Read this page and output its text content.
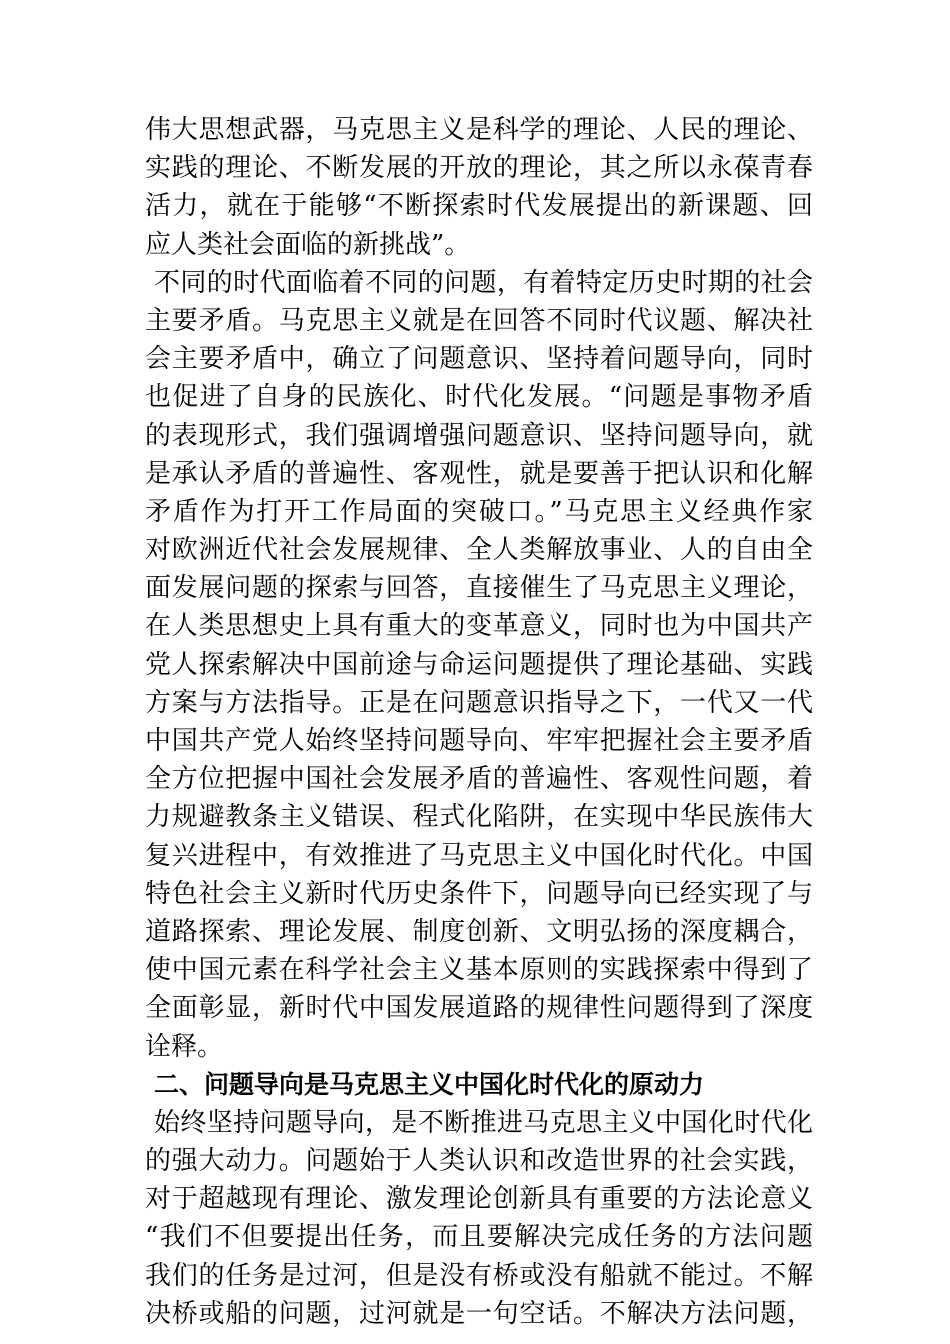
伟大思想武器，马克思主义是科学的理论、人民的理论、
实践的理论、不断发展的开放的理论，其之所以永葆青春
活力，就在于能够“不断探索时代发展提出的新课题、回
应人类社会面临的新挑战”。
不同的时代面临着不同的问题，有着特定历史时期的社会
主要矛盾。马克思主义就是在回答不同时代议题、解决社
会主要矛盾中，确立了问题意识、坚持着问题导向，同时
也促进了自身的民族化、时代化发展。“问题是事物矛盾
的表现形式，我们强调增强问题意识、坚持问题导向，就
是承认矛盾的普遍性、客观性，就是要善于把认识和化解
矛盾作为打开工作局面的突破口。”马克思主义经典作家
对欧洲近代社会发展规律、全人类解放事业、人的自由全
面发展问题的探索与回答，直接催生了马克思主义理论，
在人类思想史上具有重大的变革意义，同时也为中国共产
党人探索解决中国前途与命运问题提供了理论基础、实践
方案与方法指导。正是在问题意识指导之下，一代又一代
中国共产党人始终坚持问题导向、牢牢把握社会主要矛盾
全方位把握中国社会发展矛盾的普遍性、客观性问题，着
力规避教条主义错误、程式化陷阱，在实现中华民族伟大
复兴进程中，有效推进了马克思主义中国化时代化。中国
特色社会主义新时代历史条件下，问题导向已经实现了与
道路探索、理论发展、制度创新、文明弘扬的深度耦合，
使中国元素在科学社会主义基本原则的实践探索中得到了
全面彰显，新时代中国发展道路的规律性问题得到了深度
诠释。
二、问题导向是马克思主义中国化时代化的原动力
始终坚持问题导向，是不断推进马克思主义中国化时代化
的强大动力。问题始于人类认识和改造世界的社会实践，
对于超越现有理论、激发理论创新具有重要的方法论意义
“我们不但要提出任务，而且要解决完成任务的方法问题
我们的任务是过河，但是没有桥或没有船就不能过。不解
决桥或船的问题，过河就是一句空话。不解决方法问题，
